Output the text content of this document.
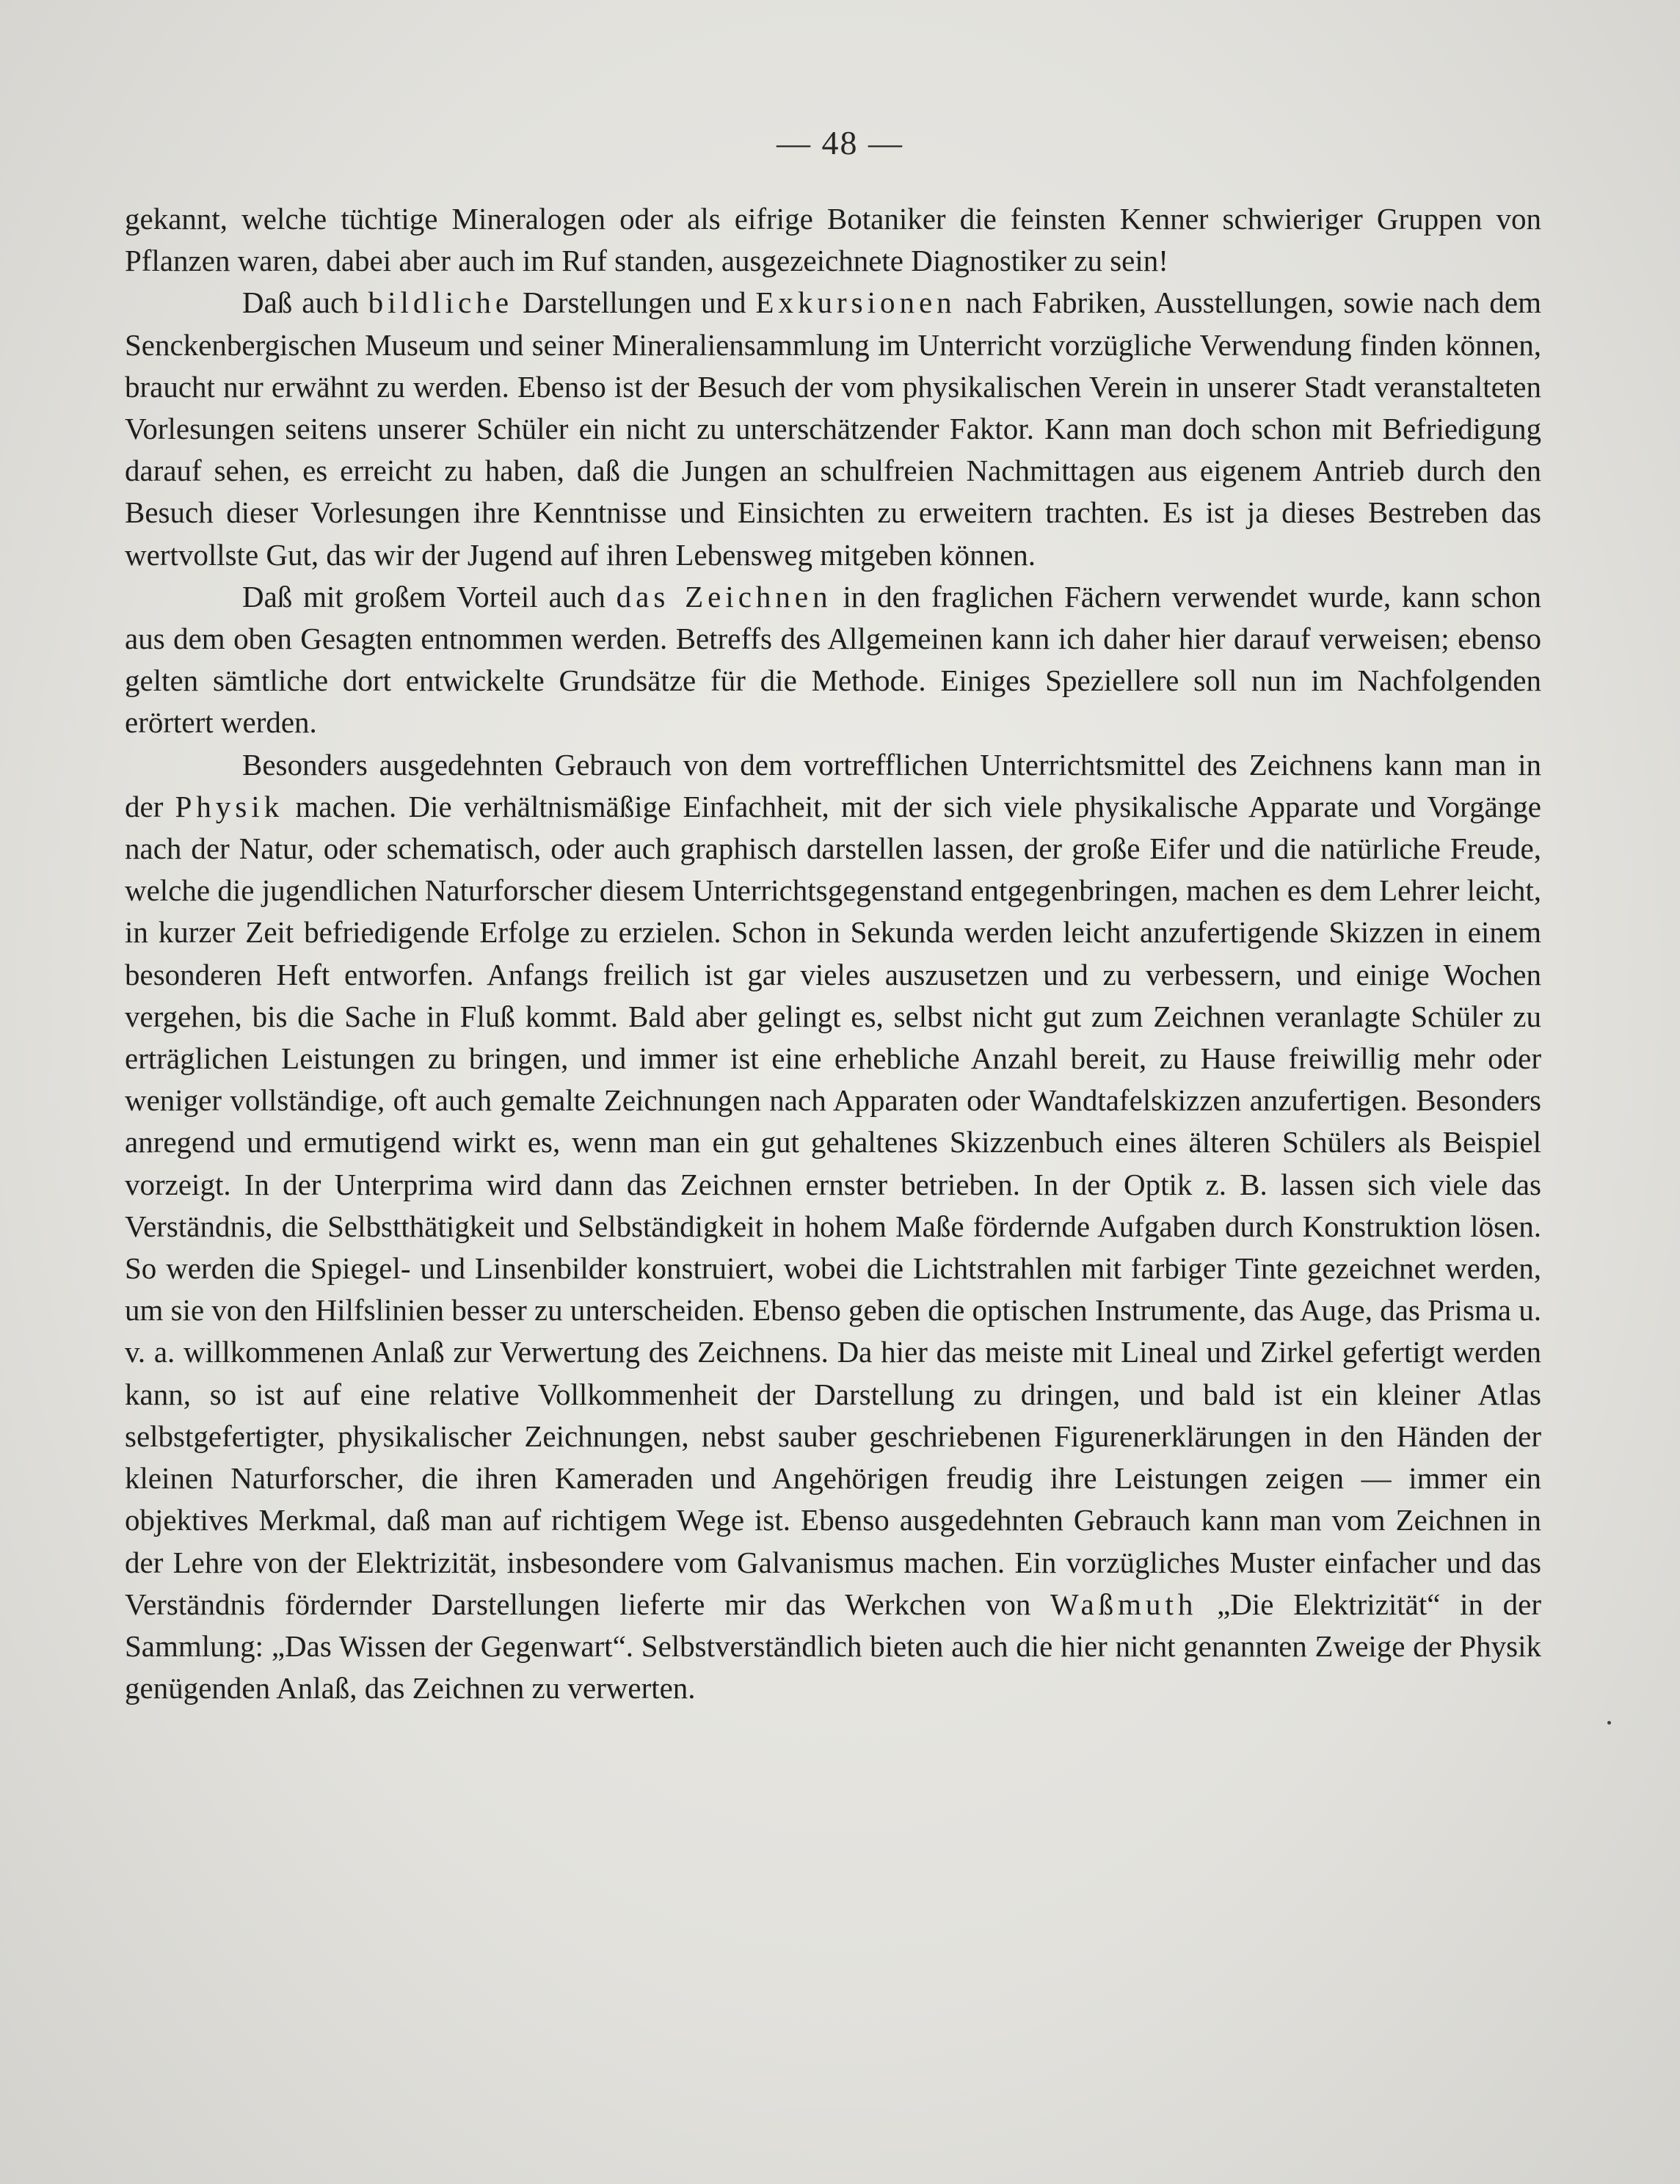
— 48 —

gekannt, welche tüchtige Mineralogen oder als eifrige Botaniker die feinsten Kenner schwieriger Gruppen von Pflanzen waren, dabei aber auch im Ruf standen, ausgezeichnete Diagnostiker zu sein!

Daß auch bildliche Darstellungen und Exkursionen nach Fabriken, Ausstellungen, sowie nach dem Senckenbergischen Museum und seiner Mineraliensammlung im Unterricht vorzügliche Verwendung finden können, braucht nur erwähnt zu werden. Ebenso ist der Besuch der vom physikalischen Verein in unserer Stadt veranstalteten Vorlesungen seitens unserer Schüler ein nicht zu unterschätzender Faktor. Kann man doch schon mit Befriedigung darauf sehen, es erreicht zu haben, daß die Jungen an schulfreien Nachmittagen aus eigenem Antrieb durch den Besuch dieser Vorlesungen ihre Kenntnisse und Einsichten zu erweitern trachten. Es ist ja dieses Bestreben das wertvollste Gut, das wir der Jugend auf ihren Lebensweg mitgeben können.

Daß mit großem Vorteil auch das Zeichnen in den fraglichen Fächern verwendet wurde, kann schon aus dem oben Gesagten entnommen werden. Betreffs des Allgemeinen kann ich daher hier darauf verweisen; ebenso gelten sämtliche dort entwickelte Grundsätze für die Methode. Einiges Speziellere soll nun im Nachfolgenden erörtert werden.

Besonders ausgedehnten Gebrauch von dem vortrefflichen Unterrichtsmittel des Zeichnens kann man in der Physik machen. Die verhältnismäßige Einfachheit, mit der sich viele physikalische Apparate und Vorgänge nach der Natur, oder schematisch, oder auch graphisch darstellen lassen, der große Eifer und die natürliche Freude, welche die jugendlichen Naturforscher diesem Unterrichtsgegenstand entgegenbringen, machen es dem Lehrer leicht, in kurzer Zeit befriedigende Erfolge zu erzielen. Schon in Sekunda werden leicht anzufertigende Skizzen in einem besonderen Heft entworfen. Anfangs freilich ist gar vieles auszusetzen und zu verbessern, und einige Wochen vergehen, bis die Sache in Fluß kommt. Bald aber gelingt es, selbst nicht gut zum Zeichnen veranlagte Schüler zu erträglichen Leistungen zu bringen, und immer ist eine erhebliche Anzahl bereit, zu Hause freiwillig mehr oder weniger vollständige, oft auch gemalte Zeichnungen nach Apparaten oder Wandtafelskizzen anzufertigen. Besonders anregend und ermutigend wirkt es, wenn man ein gut gehaltenes Skizzenbuch eines älteren Schülers als Beispiel vorzeigt. In der Unterprima wird dann das Zeichnen ernster betrieben. In der Optik z. B. lassen sich viele das Verständnis, die Selbstthätigkeit und Selbständigkeit in hohem Maße fördernde Aufgaben durch Konstruktion lösen. So werden die Spiegel- und Linsenbilder konstruiert, wobei die Lichtstrahlen mit farbiger Tinte gezeichnet werden, um sie von den Hilfslinien besser zu unterscheiden. Ebenso geben die optischen Instrumente, das Auge, das Prisma u. v. a. willkommenen Anlaß zur Verwertung des Zeichnens. Da hier das meiste mit Lineal und Zirkel gefertigt werden kann, so ist auf eine relative Vollkommenheit der Darstellung zu dringen, und bald ist ein kleiner Atlas selbstgefertigter, physikalischer Zeichnungen, nebst sauber geschriebenen Figurenerklärungen in den Händen der kleinen Naturforscher, die ihren Kameraden und Angehörigen freudig ihre Leistungen zeigen — immer ein objektives Merkmal, daß man auf richtigem Wege ist. Ebenso ausgedehnten Gebrauch kann man vom Zeichnen in der Lehre von der Elektrizität, insbesondere vom Galvanismus machen. Ein vorzügliches Muster einfacher und das Verständnis fördernder Darstellungen lieferte mir das Werkchen von Waßmuth „Die Elektrizität“ in der Sammlung: „Das Wissen der Gegenwart“. Selbstverständlich bieten auch die hier nicht genannten Zweige der Physik genügenden Anlaß, das Zeichnen zu verwerten.
